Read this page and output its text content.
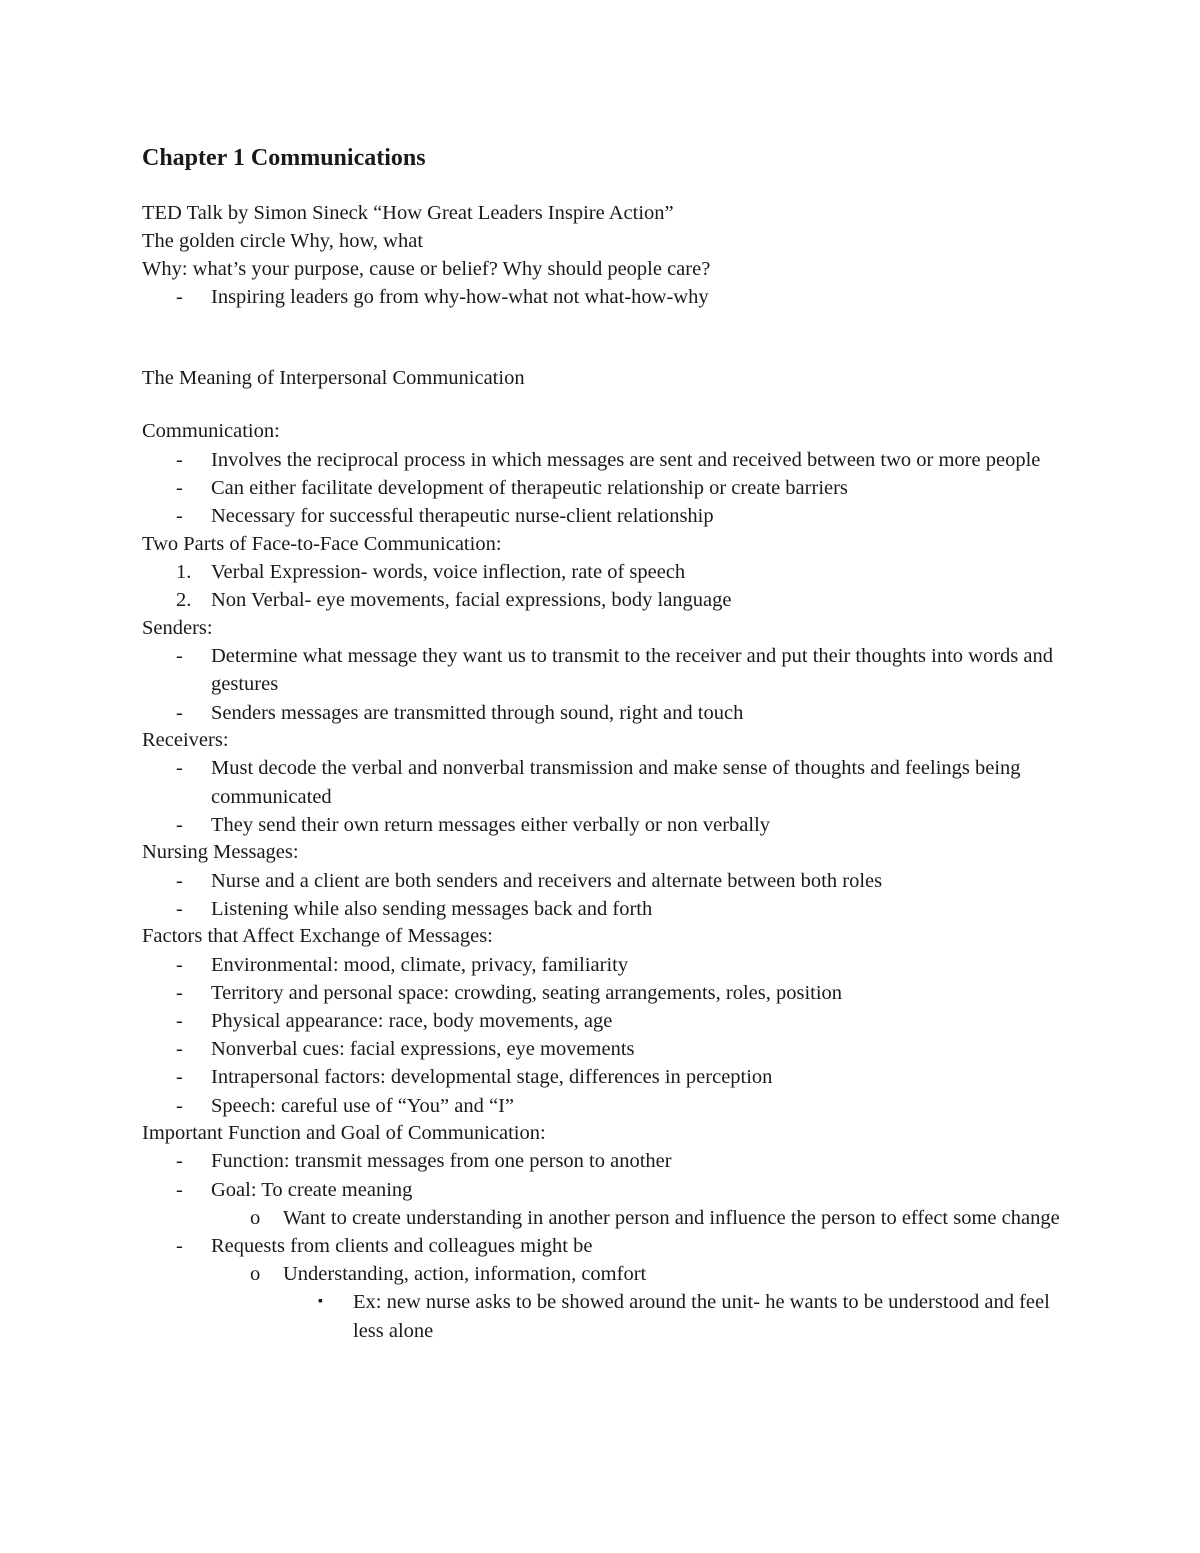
Chapter 1 Communications
TED Talk by Simon Sineck “How Great Leaders Inspire Action”
The golden circle Why, how, what
Why: what’s your purpose, cause or belief? Why should people care?
- Inspiring leaders go from why-how-what not what-how-why
The Meaning of Interpersonal Communication
Communication:
- Involves the reciprocal process in which messages are sent and received between two or more people
- Can either facilitate development of therapeutic relationship or create barriers
- Necessary for successful therapeutic nurse-client relationship
Two Parts of Face-to-Face Communication:
1. Verbal Expression- words, voice inflection, rate of speech
2. Non Verbal- eye movements, facial expressions, body language
Senders:
- Determine what message they want us to transmit to the receiver and put their thoughts into words and gestures
- Senders messages are transmitted through sound, right and touch
Receivers:
- Must decode the verbal and nonverbal transmission and make sense of thoughts and feelings being communicated
- They send their own return messages either verbally or non verbally
Nursing Messages:
- Nurse and a client are both senders and receivers and alternate between both roles
- Listening while also sending messages back and forth
Factors that Affect Exchange of Messages:
- Environmental: mood, climate, privacy, familiarity
- Territory and personal space: crowding, seating arrangements, roles, position
- Physical appearance: race, body movements, age
- Nonverbal cues: facial expressions, eye movements
- Intrapersonal factors: developmental stage, differences in perception
- Speech: careful use of “You” and “I”
Important Function and Goal of Communication:
- Function: transmit messages from one person to another
- Goal: To create meaning
o Want to create understanding in another person and influence the person to effect some change
- Requests from clients and colleagues might be
o Understanding, action, information, comfort
▪ Ex: new nurse asks to be showed around the unit- he wants to be understood and feel less alone
